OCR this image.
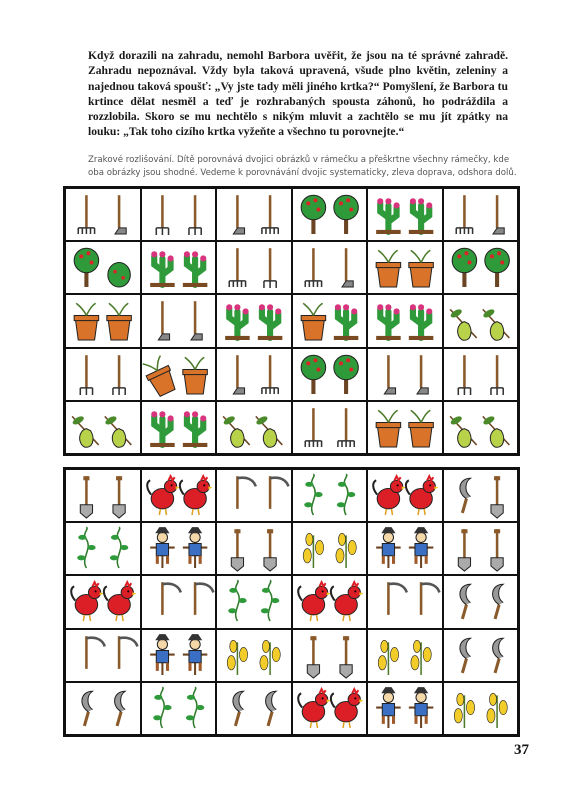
Když dorazili na zahradu, nemohl Barbora uvěřit, že jsou na té správné zahradě. Zahradu nepoznával. Vždy byla taková upravená, všude plno květin, zeleniny a najednou taková spoušť: „Vy jste tady měli jiného krtka?“ Pomyšlení, že Barbora tu krtince dělat nesměl a teď je rozhrabaných spousta záhonů, ho podráždila a rozzlobila. Skoro se mu nechtělo s nikým mluvit a zachtělo se mu jít zpátky na louku: „Tak toho cizího krtka vyžeňte a všechno tu porovnejte.“
Zrakové rozlišování. Dítě porovnává dvojici obrázků v rámečku a přeškrtne všechny rámečky, kde oba obrázky jsou shodné. Vedeme k porovnávání dvojic systematicky, zleva doprava, odshora dolů.
37
